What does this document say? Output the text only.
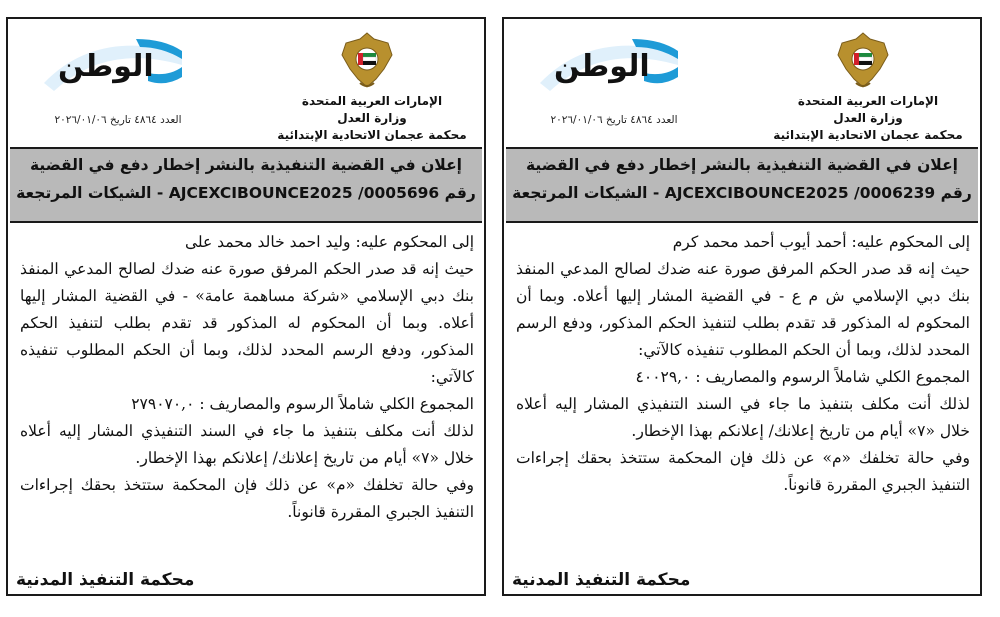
الوطن
العدد ٤٨٦٤ تاريخ ٢٠٢٦/٠١/٠٦
الإمارات العربية المتحدة
وزارة العدل
محكمة عجمان الاتحادية الإبتدائية
إعلان في القضية التنفيذية بالنشر إخطار دفع في القضية
رقم AJCEXCIBOUNCE2025 /0005696 - الشيكات المرتجعة

إلى المحكوم عليه: وليد احمد خالد محمد على

حيث إنه قد صدر الحكم المرفق صورة عنه ضدك لصالح المدعي المنفذ بنك دبي الإسلامي «شركة مساهمة عامة» - في القضية المشار إليها أعلاه. وبما أن المحكوم له المذكور قد تقدم بطلب لتنفيذ الحكم المذكور، ودفع الرسم المحدد لذلك، وبما أن الحكم المطلوب تنفيذه كالآتي:

المجموع الكلي شاملاً الرسوم والمصاريف : ٢٧٩٠٧٠,٠

لذلك أنت مكلف بتنفيذ ما جاء في السند التنفيذي المشار إليه أعلاه خلال «٧» أيام من تاريخ إعلانك/ إعلانكم بهذا الإخطار.

وفي حالة تخلفك «م» عن ذلك فإن المحكمة ستتخذ بحقك إجراءات التنفيذ الجبري المقررة قانوناً.

محكمة التنفيذ المدنية
الوطن
العدد ٤٨٦٤ تاريخ ٢٠٢٦/٠١/٠٦
الإمارات العربية المتحدة
وزارة العدل
محكمة عجمان الاتحادية الإبتدائية
إعلان في القضية التنفيذية بالنشر إخطار دفع في القضية
رقم AJCEXCIBOUNCE2025 /0006239 - الشيكات المرتجعة

إلى المحكوم عليه: أحمد أيوب أحمد محمد كرم

حيث إنه قد صدر الحكم المرفق صورة عنه ضدك لصالح المدعي المنفذ بنك دبي الإسلامي ش م ع - في القضية المشار إليها أعلاه. وبما أن المحكوم له المذكور قد تقدم بطلب لتنفيذ الحكم المذكور، ودفع الرسم المحدد لذلك، وبما أن الحكم المطلوب تنفيذه كالآتي:

المجموع الكلي شاملاً الرسوم والمصاريف : ٤٠٠٢٩,٠

لذلك أنت مكلف بتنفيذ ما جاء في السند التنفيذي المشار إليه أعلاه خلال «٧» أيام من تاريخ إعلانك/ إعلانكم بهذا الإخطار.

وفي حالة تخلفك «م» عن ذلك فإن المحكمة ستتخذ بحقك إجراءات التنفيذ الجبري المقررة قانوناً.

محكمة التنفيذ المدنية
